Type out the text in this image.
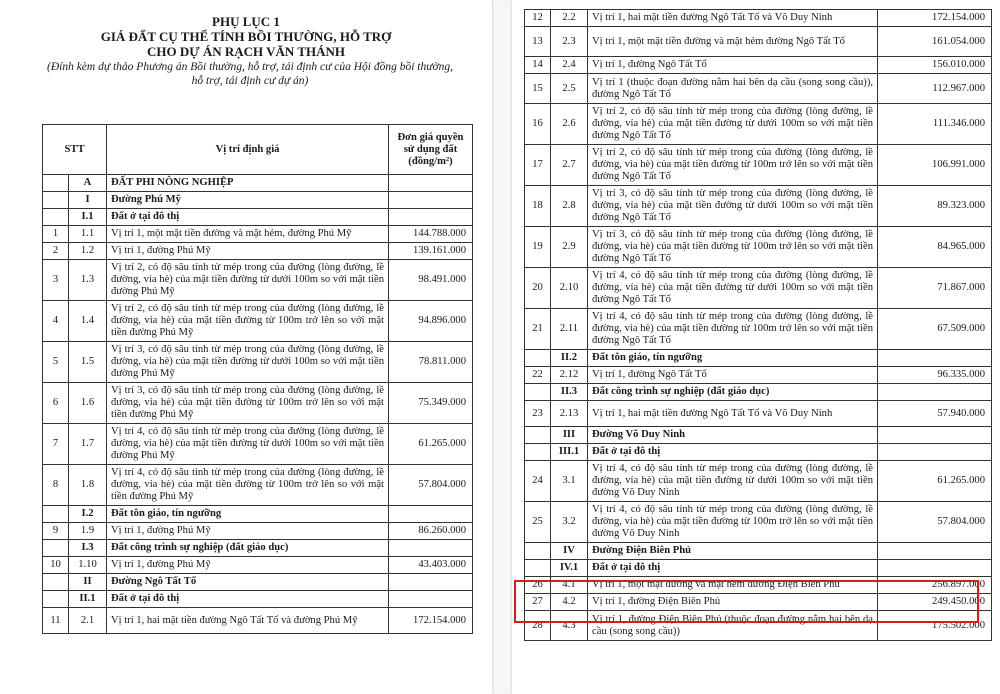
PHỤ LỤC 1
GIÁ ĐẤT CỤ THỂ TÍNH BỒI THƯỜNG, HỖ TRỢ
CHO DỰ ÁN RẠCH VĂN THÁNH
(Đính kèm dự thảo Phương án Bồi thường, hỗ trợ, tái định cư của Hội đồng bồi thường, hỗ trợ, tái định cư dự án)
STT		Vị trí định giá	Đơn giá quyền sử dụng đất (đồng/m²)
	A	ĐẤT PHI NÔNG NGHIỆP	
	I	Đường Phú Mỹ	
	I.1	Đất ở tại đô thị	
1	1.1	Vị trí 1, một mặt tiền đường và mặt hẻm, đường Phú Mỹ	144.788.000
2	1.2	Vị trí 1, đường Phú Mỹ	139.161.000
3	1.3	Vị trí 2, có độ sâu tính từ mép trong của đường (lòng đường, lề đường, vỉa hè) của mặt tiền đường từ dưới 100m so với mặt tiền đường Phú Mỹ	98.491.000
4	1.4	Vị trí 2, có độ sâu tính từ mép trong của đường (lòng đường, lề đường, vỉa hè) của mặt tiền đường từ 100m trở lên so với mặt tiền đường Phú Mỹ	94.896.000
5	1.5	Vị trí 3, có độ sâu tính từ mép trong của đường (lòng đường, lề đường, vỉa hè) của mặt tiền đường từ dưới 100m so với mặt tiền đường Phú Mỹ	78.811.000
6	1.6	Vị trí 3, có độ sâu tính từ mép trong của đường (lòng đường, lề đường, vỉa hè) của mặt tiền đường từ 100m trở lên so với mặt tiền đường Phú Mỹ	75.349.000
7	1.7	Vị trí 4, có độ sâu tính từ mép trong của đường (lòng đường, lề đường, vỉa hè) của mặt tiền đường từ dưới 100m so với mặt tiền đường Phú Mỹ	61.265.000
8	1.8	Vị trí 4, có độ sâu tính từ mép trong của đường (lòng đường, lề đường, vỉa hè) của mặt tiền đường từ 100m trở lên so với mặt tiền đường Phú Mỹ	57.804.000
	I.2	Đất tôn giáo, tín ngưỡng	
9	1.9	Vị trí 1, đường Phú Mỹ	86.260.000
	I.3	Đất công trình sự nghiệp (đất giáo dục)	
10	1.10	Vị trí 1, đường Phú Mỹ	43.403.000
	II	Đường Ngô Tất Tố	
	II.1	Đất ở tại đô thị	
11	2.1	Vị trí 1, hai mặt tiền đường Ngô Tất Tố và đường Phú Mỹ	172.154.000
12	2.2	Vị trí 1, hai mặt tiền đường Ngô Tất Tố và Võ Duy Ninh	172.154.000
13	2.3	Vị trí 1, một mặt tiền đường và mặt hẻm đường Ngô Tất Tố	161.054.000
14	2.4	Vị trí 1, đường Ngô Tất Tố	156.010.000
15	2.5	Vị trí 1 (thuộc đoạn đường nằm hai bên dạ cầu (song song cầu)), đường Ngô Tất Tố	112.967.000
16	2.6	Vị trí 2, có độ sâu tính từ mép trong của đường (lòng đường, lề đường, vỉa hè) của mặt tiền đường từ dưới 100m so với mặt tiền đường Ngô Tất Tố	111.346.000
17	2.7	Vị trí 2, có độ sâu tính từ mép trong của đường (lòng đường, lề đường, vỉa hè) của mặt tiền đường từ 100m trở lên so với mặt tiền đường Ngô Tất Tố	106.991.000
18	2.8	Vị trí 3, có độ sâu tính từ mép trong của đường (lòng đường, lề đường, vỉa hè) của mặt tiền đường từ dưới 100m so với mặt tiền đường Ngô Tất Tố	89.323.000
19	2.9	Vị trí 3, có độ sâu tính từ mép trong của đường (lòng đường, lề đường, vỉa hè) của mặt tiền đường từ 100m trở lên so với mặt tiền đường Ngô Tất Tố	84.965.000
20	2.10	Vị trí 4, có độ sâu tính từ mép trong của đường (lòng đường, lề đường, vỉa hè) của mặt tiền đường từ dưới 100m so với mặt tiền đường Ngô Tất Tố	71.867.000
21	2.11	Vị trí 4, có độ sâu tính từ mép trong của đường (lòng đường, lề đường, vỉa hè) của mặt tiền đường từ 100m trở lên so với mặt tiền đường Ngô Tất Tố	67.509.000
	II.2	Đất tôn giáo, tín ngưỡng	
22	2.12	Vị trí 1, đường Ngô Tất Tố	96.335.000
	II.3	Đất công trình sự nghiệp (đất giáo dục)	
23	2.13	Vị trí 1, hai mặt tiền đường Ngô Tất Tố và Võ Duy Ninh	57.940.000
	III	Đường Võ Duy Ninh	
	III.1	Đất ở tại đô thị	
24	3.1	Vị trí 4, có độ sâu tính từ mép trong của đường (lòng đường, lề đường, vỉa hè) của mặt tiền đường từ dưới 100m so với mặt tiền đường Võ Duy Ninh	61.265.000
25	3.2	Vị trí 4, có độ sâu tính từ mép trong của đường (lòng đường, lề đường, vỉa hè) của mặt tiền đường từ 100m trở lên so với mặt tiền đường Võ Duy Ninh	57.804.000
	IV	Đường Điện Biên Phủ	
	IV.1	Đất ở tại đô thị	
26	4.1	Vị trí 1, một mặt đường và mặt hẻm đường Điện Biên Phủ	256.897.000
27	4.2	Vị trí 1, đường Điện Biên Phủ	249.450.000
28	4.3	Vị trí 1, đường Điện Biên Phủ (thuộc đoạn đường nằm hai bên dạ cầu (song song cầu))	175.502.000
